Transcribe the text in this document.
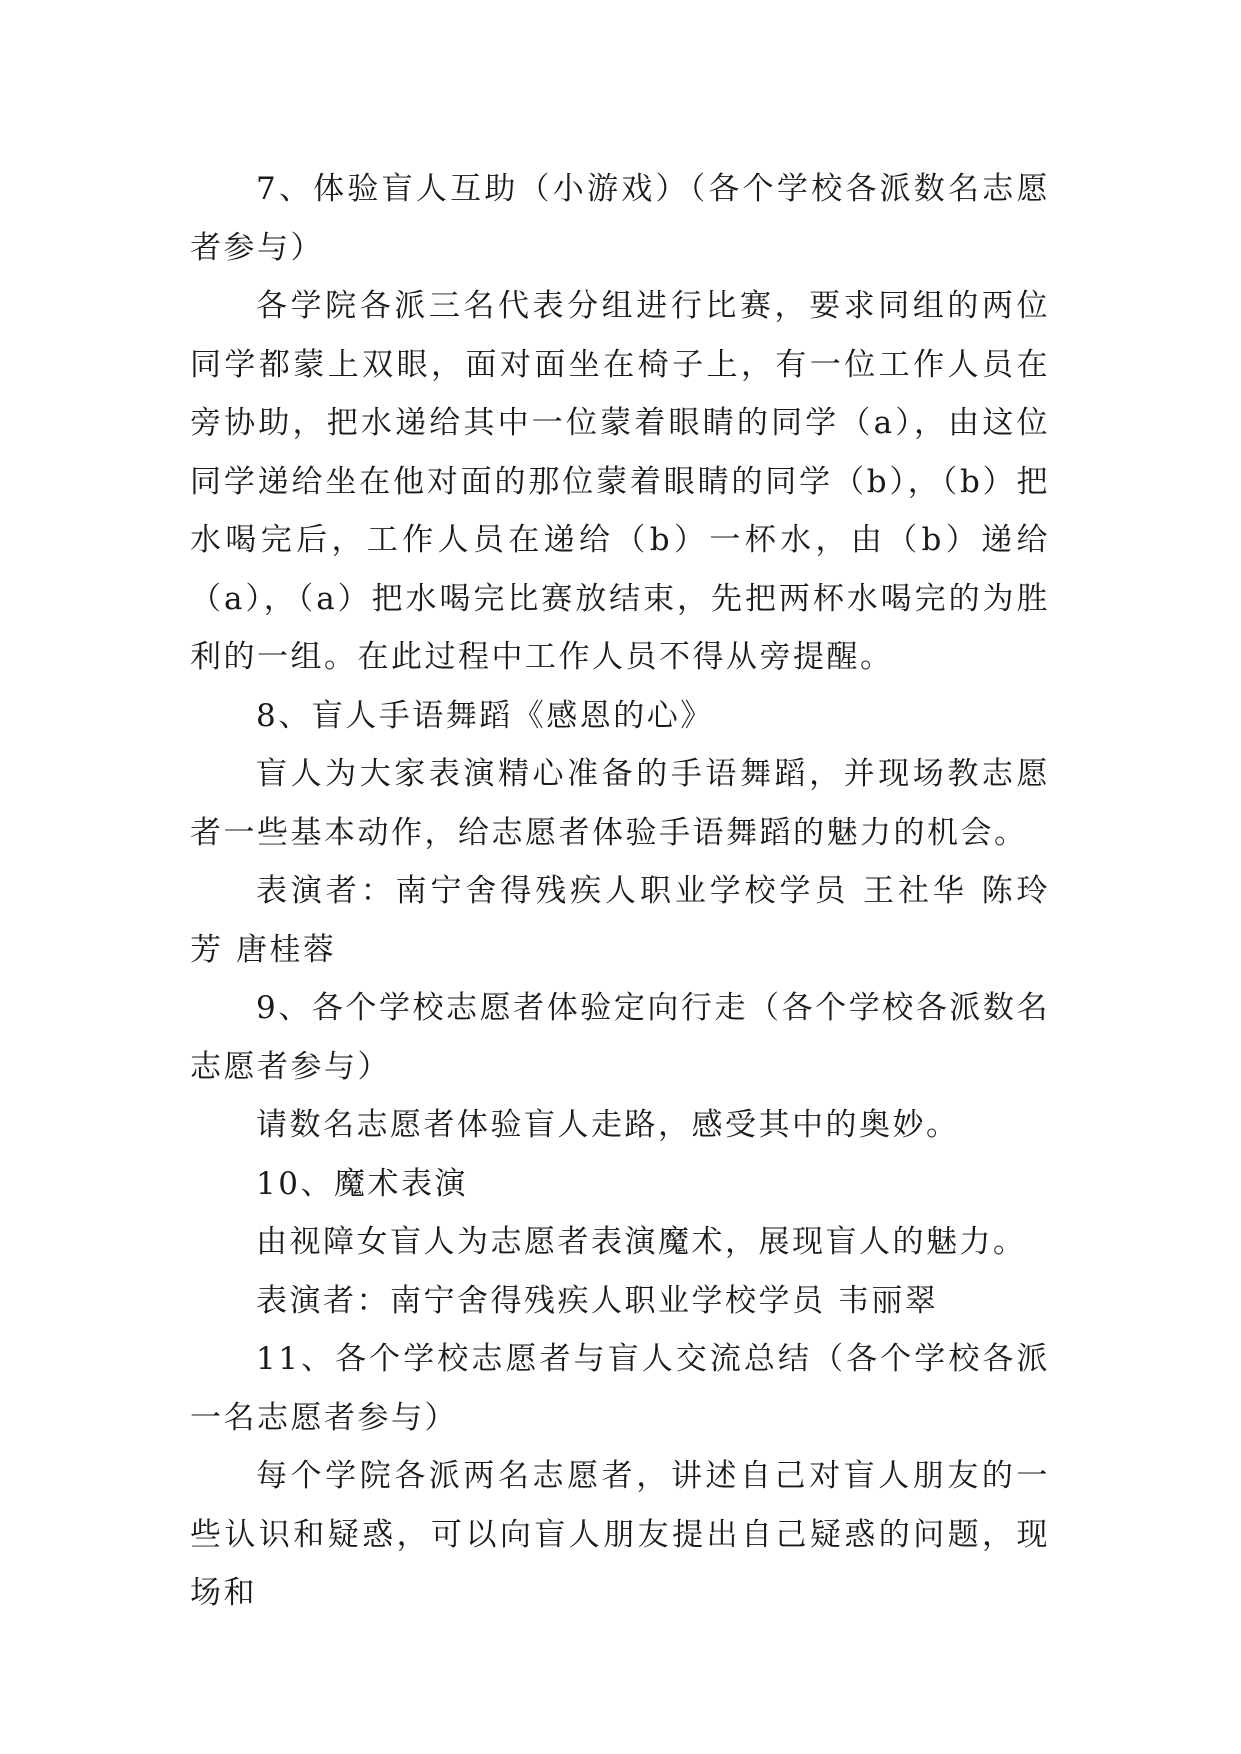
7、体验盲人互助（小游戏）（各个学校各派数名志愿者参与）

各学院各派三名代表分组进行比赛，要求同组的两位同学都蒙上双眼，面对面坐在椅子上，有一位工作人员在旁协助，把水递给其中一位蒙着眼睛的同学（a），由这位同学递给坐在他对面的那位蒙着眼睛的同学（b），（b）把水喝完后，工作人员在递给（b）一杯水，由（b）递给（a），（a）把水喝完比赛放结束，先把两杯水喝完的为胜利的一组。在此过程中工作人员不得从旁提醒。

8、盲人手语舞蹈《感恩的心》

盲人为大家表演精心准备的手语舞蹈，并现场教志愿者一些基本动作，给志愿者体验手语舞蹈的魅力的机会。

表演者：南宁舍得残疾人职业学校学员 王社华 陈玲芳 唐桂蓉

9、各个学校志愿者体验定向行走（各个学校各派数名志愿者参与）

请数名志愿者体验盲人走路，感受其中的奥妙。

10、魔术表演

由视障女盲人为志愿者表演魔术，展现盲人的魅力。

表演者：南宁舍得残疾人职业学校学员 韦丽翠

11、各个学校志愿者与盲人交流总结（各个学校各派一名志愿者参与）

每个学院各派两名志愿者，讲述自己对盲人朋友的一些认识和疑惑，可以向盲人朋友提出自己疑惑的问题，现场和
